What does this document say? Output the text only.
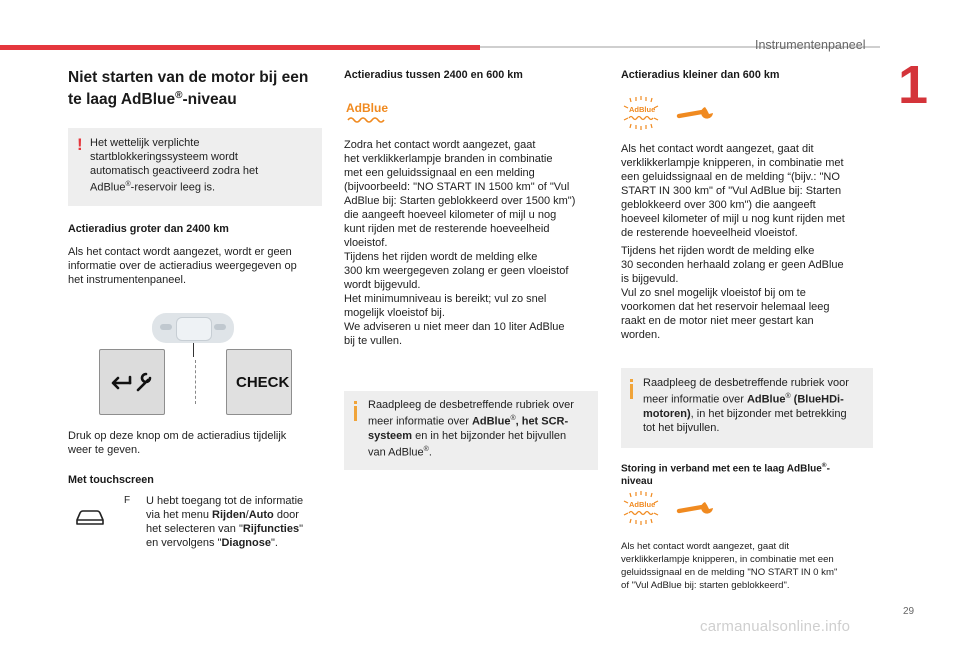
Instrumentenpaneel
1
Niet starten van de motor bij een
te laag AdBlue®-niveau
! Het wettelijk verplichte
startblokkeringssysteem wordt
automatisch geactiveerd zodra het
AdBlue®-reservoir leeg is.
Actieradius groter dan 2400 km
Als het contact wordt aangezet, wordt er geen
informatie over de actieradius weergegeven op
het instrumentenpaneel.
CHECK
Druk op deze knop om de actieradius tijdelijk
weer te geven.
Met touchscreen
F U hebt toegang tot de informatie
via het menu Rijden/Auto door
het selecteren van "Rijfuncties"
en vervolgens "Diagnose".
Actieradius tussen 2400 en 600 km
AdBlue
Zodra het contact wordt aangezet, gaat
het verklikkerlampje branden in combinatie
met een geluidssignaal en een melding
(bijvoorbeeld: "NO START IN 1500 km" of "Vul
AdBlue bij: Starten geblokkeerd over 1500 km")
die aangeeft hoeveel kilometer of mijl u nog
kunt rijden met de resterende hoeveelheid
vloeistof.
Tijdens het rijden wordt de melding elke
300 km weergegeven zolang er geen vloeistof
wordt bijgevuld.
Het minimumniveau is bereikt; vul zo snel
mogelijk vloeistof bij.
We adviseren u niet meer dan 10 liter AdBlue
bij te vullen.
Raadpleeg de desbetreffende rubriek over
meer informatie over AdBlue®, het SCR-
systeem en in het bijzonder het bijvullen
van AdBlue®.
Actieradius kleiner dan 600 km
AdBlue
Als het contact wordt aangezet, gaat dit
verklikkerlampje knipperen, in combinatie met
een geluidssignaal en de melding “(bijv.: "NO
START IN 300 km" of "Vul AdBlue bij: Starten
geblokkeerd over 300 km") die aangeeft
hoeveel kilometer of mijl u nog kunt rijden met
de resterende hoeveelheid vloeistof.
Tijdens het rijden wordt de melding elke
30 seconden herhaald zolang er geen AdBlue
is bijgevuld.
Vul zo snel mogelijk vloeistof bij om te
voorkomen dat het reservoir helemaal leeg
raakt en de motor niet meer gestart kan
worden.
Raadpleeg de desbetreffende rubriek voor
meer informatie over AdBlue® (BlueHDi-
motoren), in het bijzonder met betrekking
tot het bijvullen.
Storing in verband met een te laag AdBlue®-
niveau
AdBlue
Als het contact wordt aangezet, gaat dit
verklikkerlampje knipperen, in combinatie met een
geluidssignaal en de melding "NO START IN 0 km"
of "Vul AdBlue bij: starten geblokkeerd".
29
carmanualsonline.info
